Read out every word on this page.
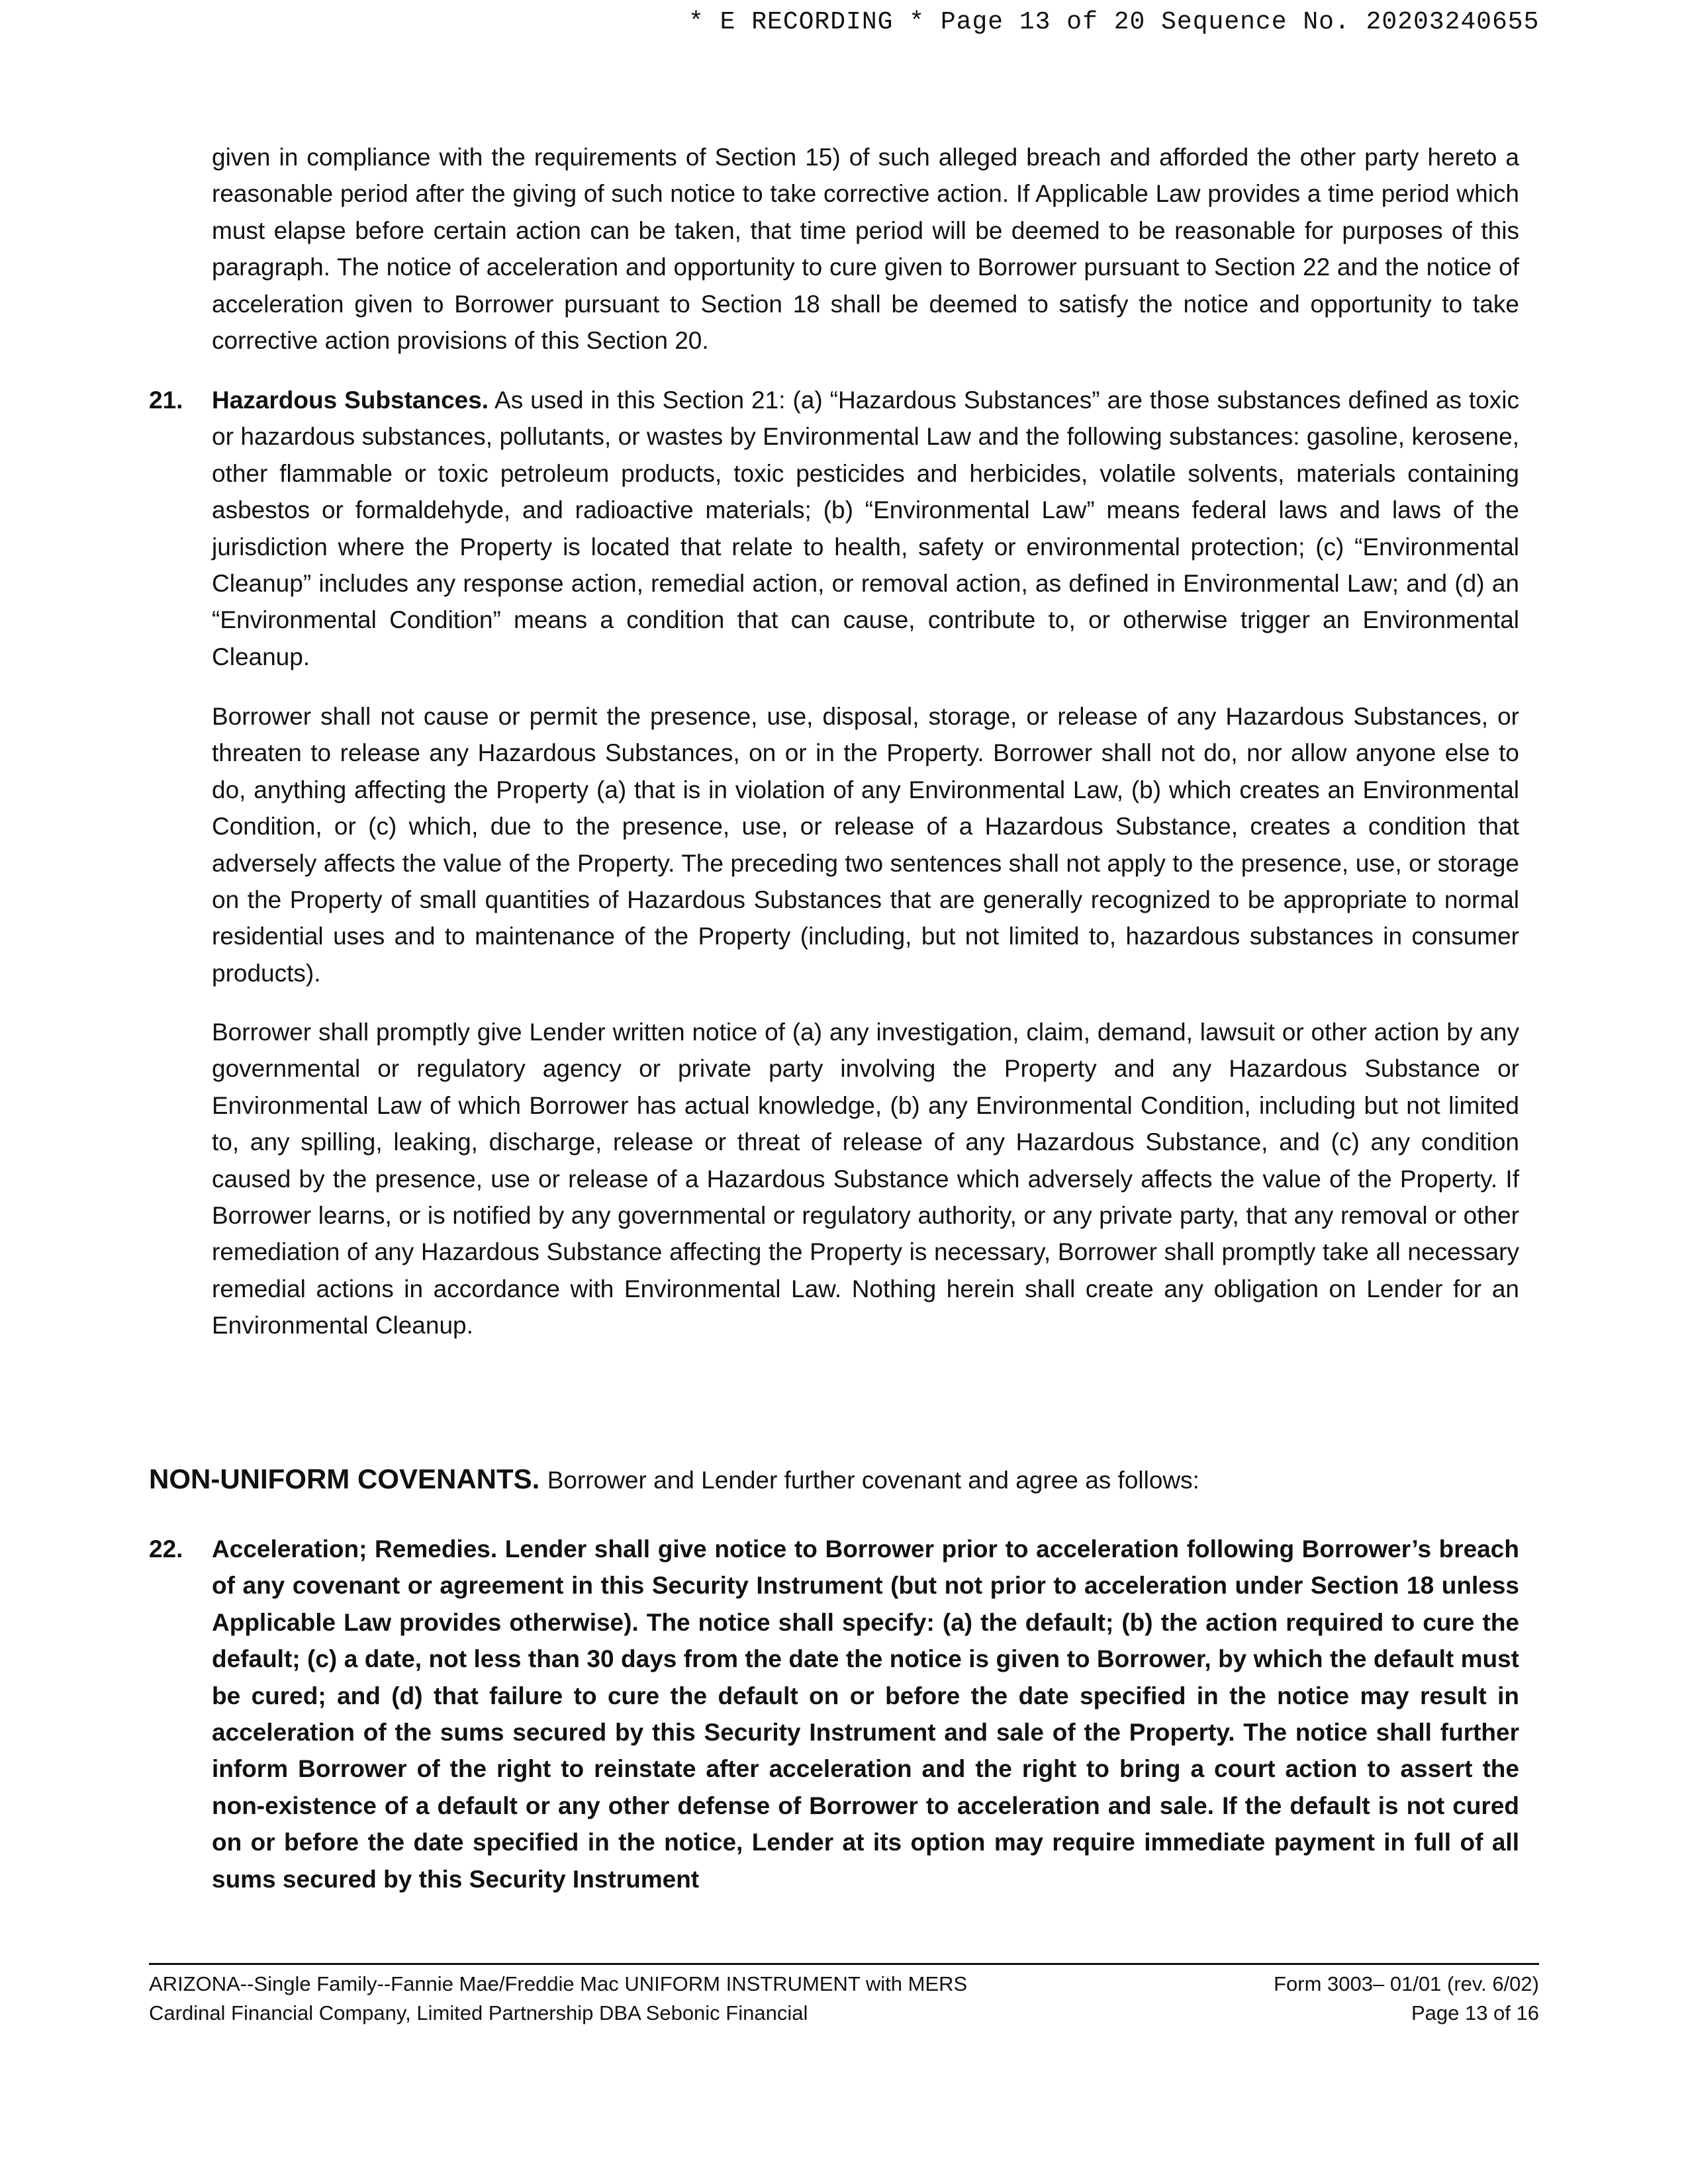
* E RECORDING * Page 13 of 20 Sequence No. 20203240655

given in compliance with the requirements of Section 15) of such alleged breach and afforded the other party hereto a reasonable period after the giving of such notice to take corrective action. If Applicable Law provides a time period which must elapse before certain action can be taken, that time period will be deemed to be reasonable for purposes of this paragraph. The notice of acceleration and opportunity to cure given to Borrower pursuant to Section 22 and the notice of acceleration given to Borrower pursuant to Section 18 shall be deemed to satisfy the notice and opportunity to take corrective action provisions of this Section 20.

21. Hazardous Substances. As used in this Section 21: (a) “Hazardous Substances” are those substances defined as toxic or hazardous substances, pollutants, or wastes by Environmental Law and the following substances: gasoline, kerosene, other flammable or toxic petroleum products, toxic pesticides and herbicides, volatile solvents, materials containing asbestos or formaldehyde, and radioactive materials; (b) “Environmental Law” means federal laws and laws of the jurisdiction where the Property is located that relate to health, safety or environmental protection; (c) “Environmental Cleanup” includes any response action, remedial action, or removal action, as defined in Environmental Law; and (d) an “Environmental Condition” means a condition that can cause, contribute to, or otherwise trigger an Environmental Cleanup.

Borrower shall not cause or permit the presence, use, disposal, storage, or release of any Hazardous Substances, or threaten to release any Hazardous Substances, on or in the Property. Borrower shall not do, nor allow anyone else to do, anything affecting the Property (a) that is in violation of any Environmental Law, (b) which creates an Environmental Condition, or (c) which, due to the presence, use, or release of a Hazardous Substance, creates a condition that adversely affects the value of the Property. The preceding two sentences shall not apply to the presence, use, or storage on the Property of small quantities of Hazardous Substances that are generally recognized to be appropriate to normal residential uses and to maintenance of the Property (including, but not limited to, hazardous substances in consumer products).

Borrower shall promptly give Lender written notice of (a) any investigation, claim, demand, lawsuit or other action by any governmental or regulatory agency or private party involving the Property and any Hazardous Substance or Environmental Law of which Borrower has actual knowledge, (b) any Environmental Condition, including but not limited to, any spilling, leaking, discharge, release or threat of release of any Hazardous Substance, and (c) any condition caused by the presence, use or release of a Hazardous Substance which adversely affects the value of the Property. If Borrower learns, or is notified by any governmental or regulatory authority, or any private party, that any removal or other remediation of any Hazardous Substance affecting the Property is necessary, Borrower shall promptly take all necessary remedial actions in accordance with Environmental Law. Nothing herein shall create any obligation on Lender for an Environmental Cleanup.

NON-UNIFORM COVENANTS. Borrower and Lender further covenant and agree as follows:
22. Acceleration; Remedies. Lender shall give notice to Borrower prior to acceleration following Borrower’s breach of any covenant or agreement in this Security Instrument (but not prior to acceleration under Section 18 unless Applicable Law provides otherwise). The notice shall specify: (a) the default; (b) the action required to cure the default; (c) a date, not less than 30 days from the date the notice is given to Borrower, by which the default must be cured; and (d) that failure to cure the default on or before the date specified in the notice may result in acceleration of the sums secured by this Security Instrument and sale of the Property. The notice shall further inform Borrower of the right to reinstate after acceleration and the right to bring a court action to assert the non-existence of a default or any other defense of Borrower to acceleration and sale. If the default is not cured on or before the date specified in the notice, Lender at its option may require immediate payment in full of all sums secured by this Security Instrument

ARIZONA--Single Family--Fannie Mae/Freddie Mac UNIFORM INSTRUMENT with MERS
Cardinal Financial Company, Limited Partnership DBA Sebonic Financial
Form 3003– 01/01 (rev. 6/02)
Page 13 of 16
